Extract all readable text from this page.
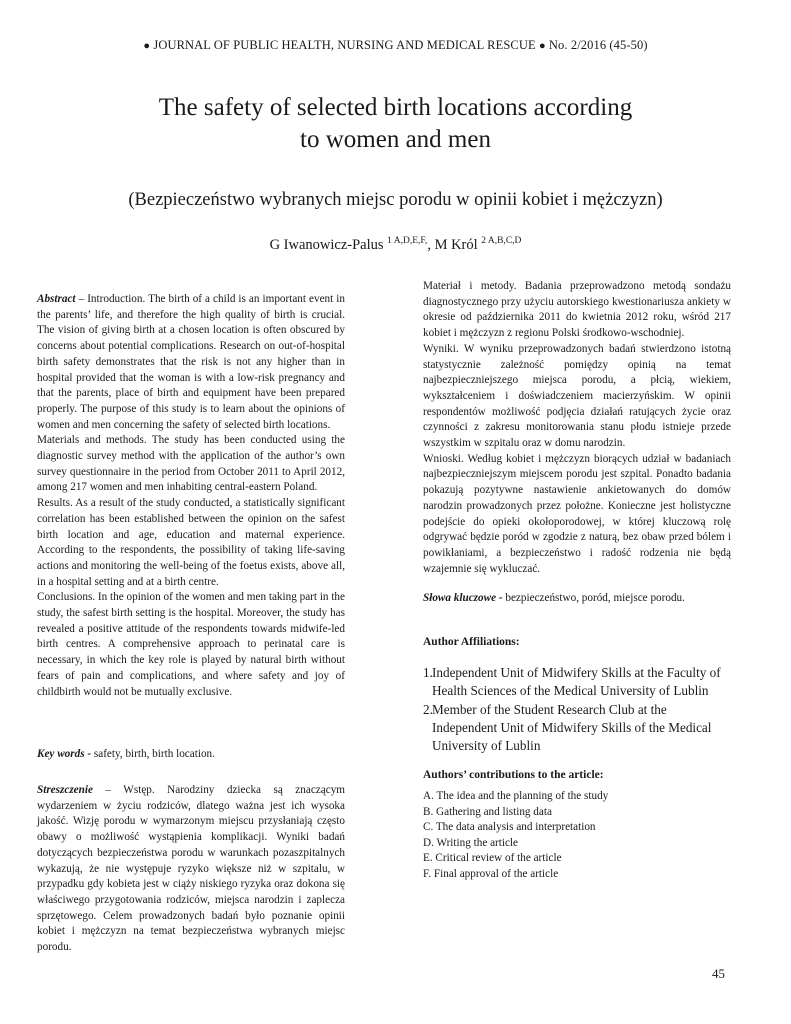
● JOURNAL OF PUBLIC HEALTH, NURSING AND MEDICAL RESCUE ● No. 2/2016 (45-50)
The safety of selected birth locations according
to women and men
(Bezpieczeństwo wybranych miejsc porodu w opinii kobiet i mężczyzn)
G Iwanowicz-Palus $^{1 A,D,E,F,}$, M Król $^{2 A,B,C,D}$

Abstract – Introduction. The birth of a child is an important event in the parents’ life, and therefore the high quality of birth is crucial. The vision of giving birth at a chosen location is often obscured by concerns about potential complications. Research on out-of-hospital birth safety demonstrates that the risk is not any higher than in hospital provided that the woman is with a low-risk pregnancy and that the parents, place of birth and equipment have been prepared properly. The purpose of this study is to learn about the opinions of women and men concerning the safety of selected birth locations.

Materials and methods. The study has been conducted using the diagnostic survey method with the application of the author’s own survey questionnaire in the period from October 2011 to April 2012, among 217 women and men inhabiting central-eastern Poland.

Results. As a result of the study conducted, a statistically significant correlation has been established between the opinion on the safest birth location and age, education and maternal experience. According to the respondents, the possibility of taking life-saving actions and monitoring the well-being of the foetus exists, above all, in a hospital setting and at a birth centre.

Conclusions. In the opinion of the women and men taking part in the study, the safest birth setting is the hospital. Moreover, the study has revealed a positive attitude of the respondents towards midwife-led birth centres. A comprehensive approach to perinatal care is necessary, in which the key role is played by natural birth without fears of pain and complications, and where safety and joy of childbirth would not be mutually exclusive.

Key words - safety, birth, birth location.

Streszczenie – Wstęp. Narodziny dziecka są znaczącym wydarzeniem w życiu rodziców, dlatego ważna jest ich wysoka jakość. Wizję porodu w wymarzonym miejscu przysłaniają często obawy o możliwość wystąpienia komplikacji. Wyniki badań dotyczących bezpieczeństwa porodu w warunkach pozaszpitalnych wykazują, że nie występuje ryzyko większe niż w szpitalu, w przypadku gdy kobieta jest w ciąży niskiego ryzyka oraz dokona się właściwego przygotowania rodziców, miejsca narodzin i zaplecza sprzętowego. Celem prowadzonych badań było poznanie opinii kobiet i mężczyzn na temat bezpieczeństwa wybranych miejsc porodu.

Materiał i metody. Badania przeprowadzono metodą sondażu diagnostycznego przy użyciu autorskiego kwestionariusza ankiety w okresie od października 2011 do kwietnia 2012 roku, wśród 217 kobiet i mężczyzn z regionu Polski środkowo-wschodniej.

Wyniki. W wyniku przeprowadzonych badań stwierdzono istotną statystycznie zależność pomiędzy opinią na temat najbezpieczniejszego miejsca porodu, a płcią, wiekiem, wykształceniem i doświadczeniem macierzyńskim. W opinii respondentów możliwość podjęcia działań ratujących życie oraz czynności z zakresu monitorowania stanu płodu istnieje przede wszystkim w szpitalu oraz w domu narodzin.

Wnioski. Według kobiet i mężczyzn biorących udział w badaniach najbezpieczniejszym miejscem porodu jest szpital. Ponadto badania pokazują pozytywne nastawienie ankietowanych do domów narodzin prowadzonych przez położne. Konieczne jest holistyczne podejście do opieki okołoporodowej, w której kluczową rolę odgrywać będzie poród w zgodzie z naturą, bez obaw przed bólem i powikłaniami, a bezpieczeństwo i radość rodzenia nie będą wzajemnie się wykluczać.

Słowa kluczowe - bezpieczeństwo, poród, miejsce porodu.
Author Affiliations:
1. Independent Unit of Midwifery Skills at the Faculty of Health Sciences of the Medical University of Lublin
2. Member of the Student Research Club at the Independent Unit of Midwifery Skills of the Medical University of Lublin
Authors’ contributions to the article:
A. The idea and the planning of the study
B. Gathering and listing data
C. The data analysis and interpretation
D. Writing the article
E. Critical review of the article
F. Final approval of the article
45
